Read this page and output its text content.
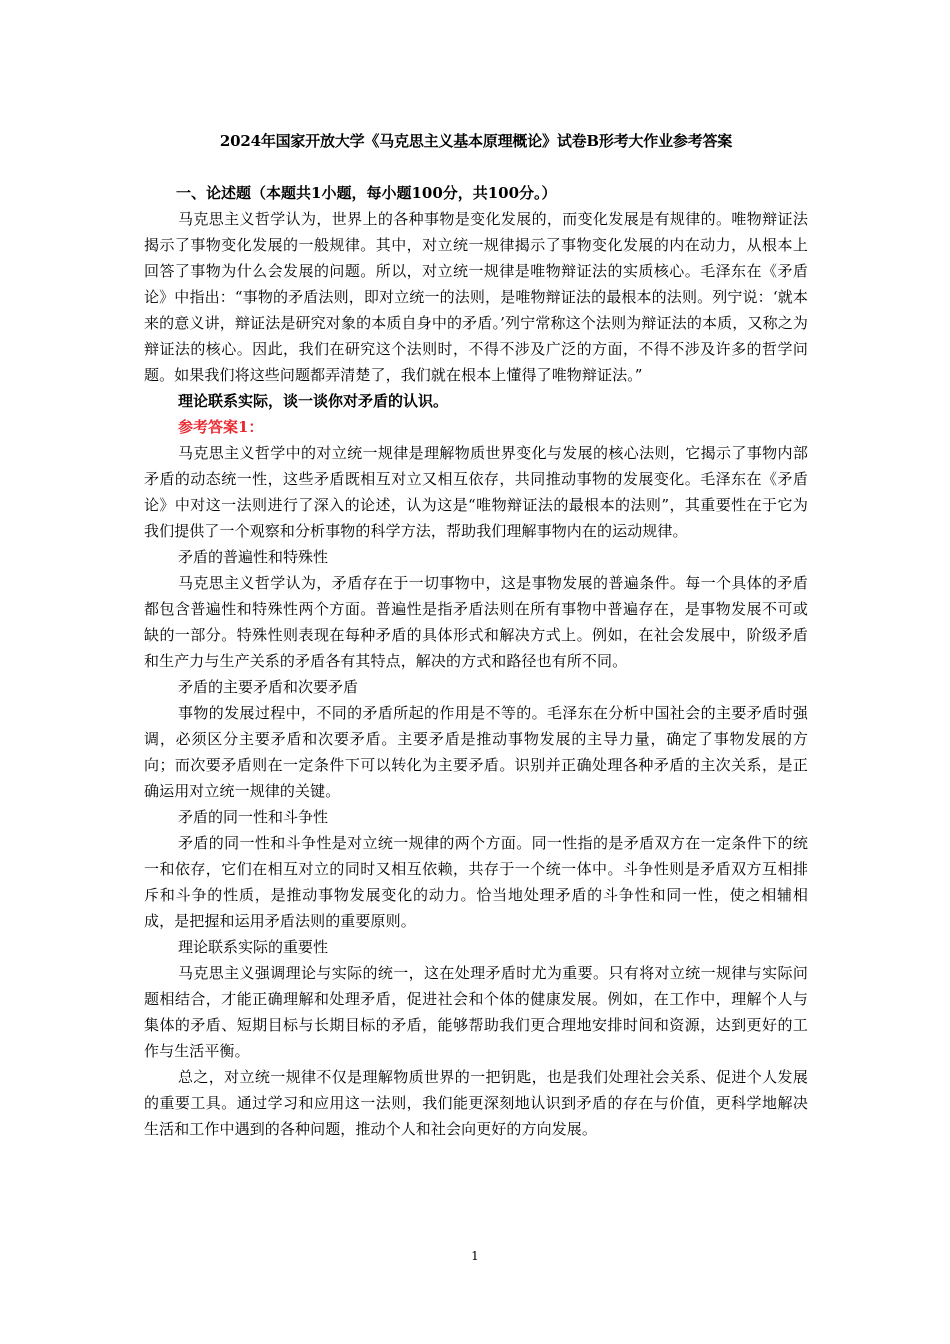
2024年国家开放大学《马克思主义基本原理概论》试卷B形考大作业参考答案

一、论述题（本题共1小题，每小题100分，共100分。）

马克思主义哲学认为，世界上的各种事物是变化发展的，而变化发展是有规律的。唯物辩证法揭示了事物变化发展的一般规律。其中，对立统一规律揭示了事物变化发展的内在动力，从根本上回答了事物为什么会发展的问题。所以，对立统一规律是唯物辩证法的实质核心。毛泽东在《矛盾论》中指出：“事物的矛盾法则，即对立统一的法则，是唯物辩证法的最根本的法则。列宁说：‘就本来的意义讲，辩证法是研究对象的本质自身中的矛盾。’列宁常称这个法则为辩证法的本质，又称之为辩证法的核心。因此，我们在研究这个法则时，不得不涉及广泛的方面，不得不涉及许多的哲学问题。如果我们将这些问题都弄清楚了，我们就在根本上懂得了唯物辩证法。”

理论联系实际，谈一谈你对矛盾的认识。

参考答案1：

马克思主义哲学中的对立统一规律是理解物质世界变化与发展的核心法则，它揭示了事物内部矛盾的动态统一性，这些矛盾既相互对立又相互依存，共同推动事物的发展变化。毛泽东在《矛盾论》中对这一法则进行了深入的论述，认为这是“唯物辩证法的最根本的法则”，其重要性在于它为我们提供了一个观察和分析事物的科学方法，帮助我们理解事物内在的运动规律。

矛盾的普遍性和特殊性

马克思主义哲学认为，矛盾存在于一切事物中，这是事物发展的普遍条件。每一个具体的矛盾都包含普遍性和特殊性两个方面。普遍性是指矛盾法则在所有事物中普遍存在，是事物发展不可或缺的一部分。特殊性则表现在每种矛盾的具体形式和解决方式上。例如，在社会发展中，阶级矛盾和生产力与生产关系的矛盾各有其特点，解决的方式和路径也有所不同。

矛盾的主要矛盾和次要矛盾

事物的发展过程中，不同的矛盾所起的作用是不等的。毛泽东在分析中国社会的主要矛盾时强调，必须区分主要矛盾和次要矛盾。主要矛盾是推动事物发展的主导力量，确定了事物发展的方向；而次要矛盾则在一定条件下可以转化为主要矛盾。识别并正确处理各种矛盾的主次关系，是正确运用对立统一规律的关键。

矛盾的同一性和斗争性

矛盾的同一性和斗争性是对立统一规律的两个方面。同一性指的是矛盾双方在一定条件下的统一和依存，它们在相互对立的同时又相互依赖，共存于一个统一体中。斗争性则是矛盾双方互相排斥和斗争的性质，是推动事物发展变化的动力。恰当地处理矛盾的斗争性和同一性，使之相辅相成，是把握和运用矛盾法则的重要原则。

理论联系实际的重要性

马克思主义强调理论与实际的统一，这在处理矛盾时尤为重要。只有将对立统一规律与实际问题相结合，才能正确理解和处理矛盾，促进社会和个体的健康发展。例如，在工作中，理解个人与集体的矛盾、短期目标与长期目标的矛盾，能够帮助我们更合理地安排时间和资源，达到更好的工作与生活平衡。

总之，对立统一规律不仅是理解物质世界的一把钥匙，也是我们处理社会关系、促进个人发展的重要工具。通过学习和应用这一法则，我们能更深刻地认识到矛盾的存在与价值，更科学地解决生活和工作中遇到的各种问题，推动个人和社会向更好的方向发展。

1
